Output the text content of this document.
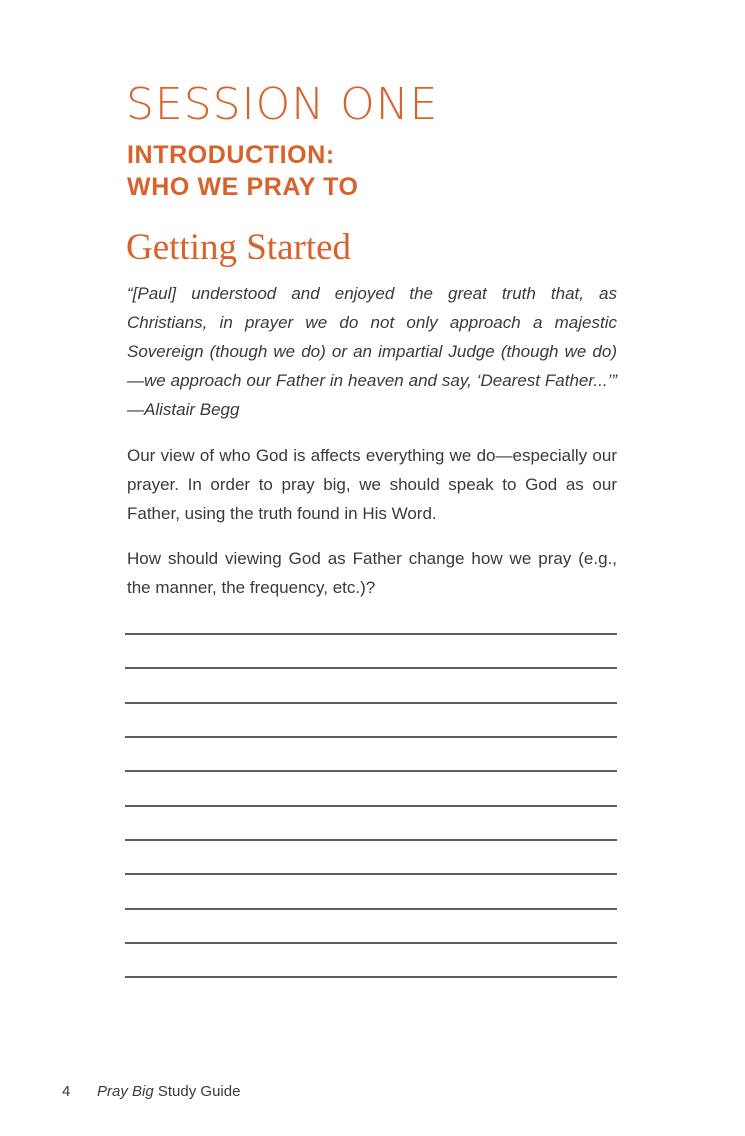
SESSION ONE
INTRODUCTION:
WHO WE PRAY TO
Getting Started

“[Paul] understood and enjoyed the great truth that, as Christians, in prayer we do not only approach a majestic Sovereign (though we do) or an impartial Judge (though we do)—we approach our Father in heaven and say, ‘Dearest Father...’” —Alistair Begg

Our view of who God is affects everything we do—especially our prayer. In order to pray big, we should speak to God as our Father, using the truth found in His Word.

How should viewing God as Father change how we pray (e.g., the manner, the frequency, etc.)?

4 Pray Big Study Guide
